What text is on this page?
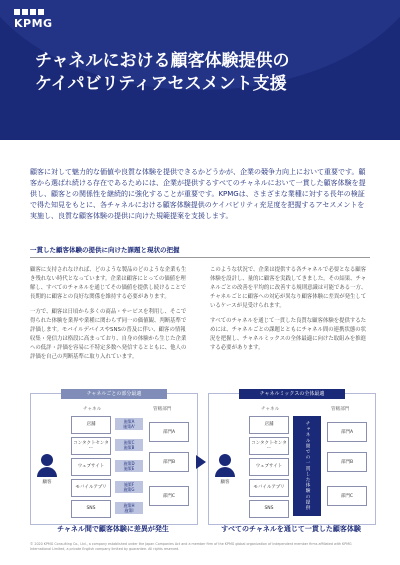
KPMG
チャネルにおける顧客体験提供の
ケイパビリティアセスメント支援

顧客に対して魅力的な価値や良質な体験を提供できるかどうかが、企業の競争力向上において重要です。顧客から選ばれ続ける存在であるためには、企業が提供するすべてのチャネルにおいて一貫した顧客体験を提供し、顧客との関係性を継続的に強化することが重要です。KPMGは、さまざまな業種に対する長年の検証で得た知見をもとに、各チャネルにおける顧客体験提供のケイパビリティ充足度を把握するアセスメントを実施し、良質な顧客体験の提供に向けた規範提案を支援します。

一貫した顧客体験の提供に向けた課題と現状の把握

顧客に支持されなければ、どのような製品のどのような企業も生き残れない時代となっています。企業は顧客にとっての価値を理解し、すべてのチャネルを通じてその価値を提供し続けることで長期的に顧客との良好な関係を維持する必要があります。

一方で、顧客は日頃から多くの商品・サービスを利用し、そこで得られた体験を業界や業種に関わらず同一の価値観、判断基準で評価します。モバイルデバイスやSNSの普及に伴い、顧客の情報収集・発信力は格段に高まっており、自身の体験から生じた企業への低評・評価を容易に不特定多数へ発信するとともに、他人の評価を自己の判断基準に取り入れています。

このような状況で、企業は提供する各チャネルで必要となる顧客体験を設計し、量的に顧客を実践してきました。その結果、チャネルごとの改善を平均的に改善する規則意識は可能である一方、チャネルごとに顧客への対応が異なり顧客体験に差異が発生しているケースが見受けられます。

すべてのチャネルを通じて一貫した良質な顧客体験を提供するためには、チャネルごとの課題とともにチャネル間の連携状態の状況を把握し、チャネルミックスの全体最適に向けた取組みを推進する必要があります。

チャネルごとの部分最適
チャネル	管轄部門
顧客
店舗
コンタクトセンター
ウェブサイト
モバイルアプリ
SNS
施策A
施策A'
施策C
施策B
施策D
施策E
施策F
施策G
施策H
施策I
部門A
部門B
部門C
チャネルミックスの全体最適
チャネル	管轄部門
顧客
店舗
コンタクトセンター
ウェブサイト
モバイルアプリ
SNS	チャネル間での一貫した体験の提供	部門A
部門B
部門C
チャネル間で顧客体験に差異が発生	すべてのチャネルを通じて一貫した顧客体験
© 2020 KPMG Consulting Co., Ltd., a company established under the Japan Companies Act and a member firm of the KPMG global organization of independent member firms affiliated with KPMG International Limited, a private English company limited by guarantee. All rights reserved.
